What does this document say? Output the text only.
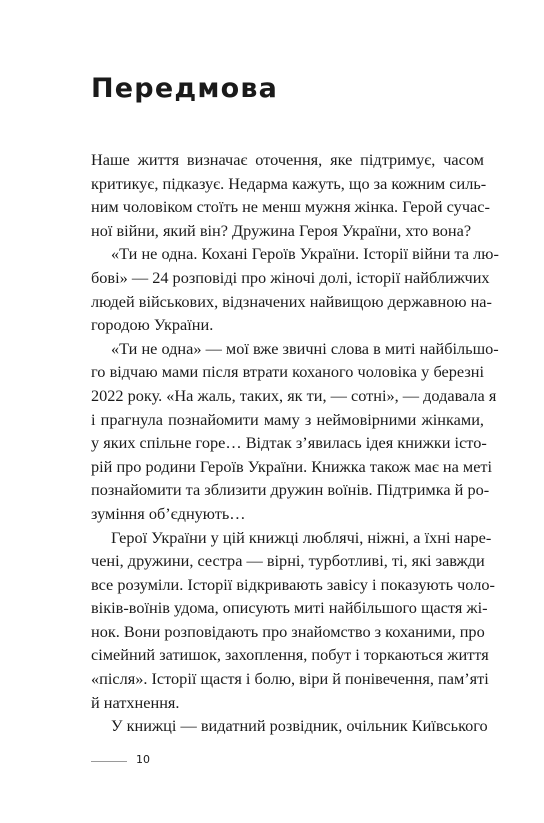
Передмова
Наше життя визначає оточення, яке підтримує, часом
критикує, підказує. Недарма кажуть, що за кожним силь-
ним чоловіком стоїть не менш мужня жінка. Герой сучас-
ної війни, який він? Дружина Героя України, хто вона?
«Ти не одна. Кохані Героїв України. Історії війни та лю-
бові» — 24 розповіді про жіночі долі, історії найближчих
людей військових, відзначених найвищою державною на-
городою України.
«Ти не одна» — мої вже звичні слова в миті найбільшо-
го відчаю мами після втрати коханого чоловіка у березні
2022 року. «На жаль, таких, як ти, — сотні», — додавала я
і прагнула познайомити маму з неймовірними жінками,
у яких спільне горе… Відтак з’явилась ідея книжки істо-
рій про родини Героїв України. Книжка також має на меті
познайомити та зблизити дружин воїнів. Підтримка й ро-
зуміння об’єднують…
Герої України у цій книжці люблячі, ніжні, а їхні наре-
чені, дружини, сестра — вірні, турботливі, ті, які завжди
все розуміли. Історії відкривають завісу і показують чоло-
віків-воїнів удома, описують миті найбільшого щастя жі-
нок. Вони розповідають про знайомство з коханими, про
сімейний затишок, захоплення, побут і торкаються життя
«після». Історії щастя і болю, віри й понівечення, пам’яті
й натхнення.
У книжці — видатний розвідник, очільник Київського
10
